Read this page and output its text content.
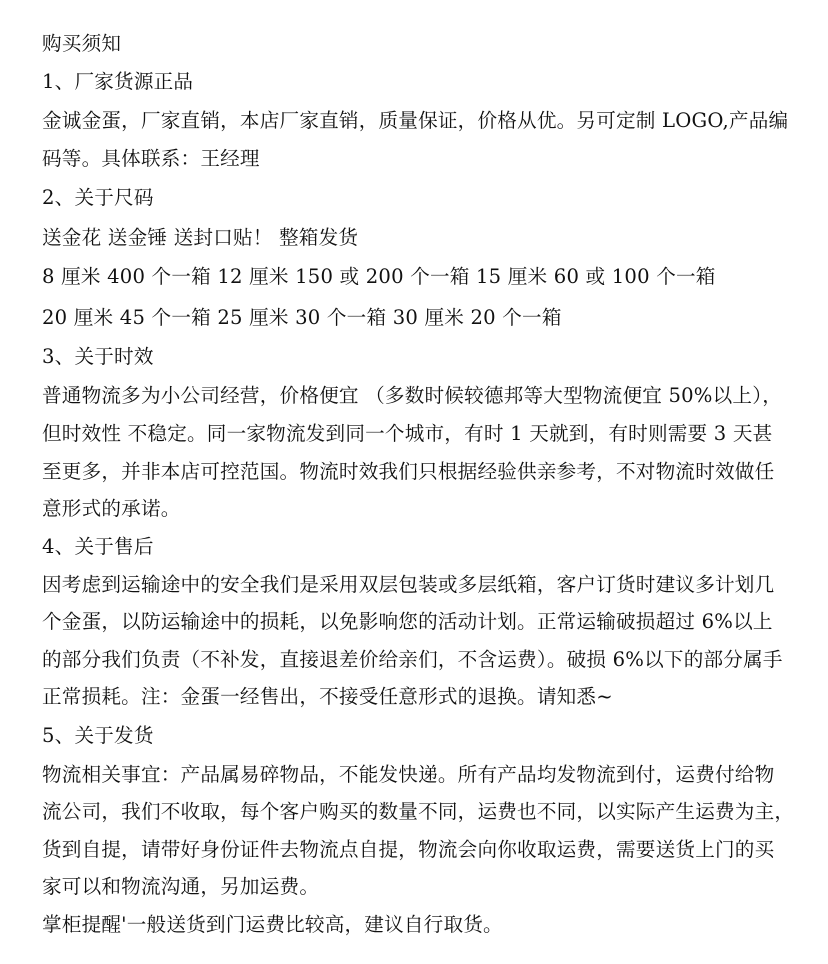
购买须知

1、厂家货源正品

金诚金蛋，厂家直销，本店厂家直销，质量保证，价格从优。另可定制 LOGO,产品编

码等。具体联系：王经理

2、关于尺码

送金花 送金锤 送封口贴！ 整箱发货

8 厘米 400 个一箱 12 厘米 150 或 200 个一箱 15 厘米 60 或 100 个一箱

20 厘米 45 个一箱 25 厘米 30 个一箱 30 厘米 20 个一箱

3、关于时效

普通物流多为小公司经营，价格便宜 （多数时候较德邦等大型物流便宜 50%以上），

但时效性 不稳定。同一家物流发到同一个城市，有时 1 天就到，有时则需要 3 天甚

至更多，并非本店可控范国。物流时效我们只根据经验供亲参考，不对物流时效做任

意形式的承诺。

4、关于售后

因考虑到运输途中的安全我们是采用双层包装或多层纸箱，客户订货时建议多计划几

个金蛋，以防运输途中的损耗，以免影响您的活动计划。正常运输破损超过 6%以上

的部分我们负责（不补发，直接退差价给亲们，不含运费）。破损 6%以下的部分属手

正常损耗。注：金蛋一经售出，不接受任意形式的退换。请知悉~

5、关于发货

物流相关事宜：产品属易碎物品，不能发快递。所有产品均发物流到付，运费付给物

流公司，我们不收取，每个客户购买的数量不同，运费也不同，以实际产生运费为主，

货到自提，请带好身份证件去物流点自提，物流会向你收取运费，需要送货上门的买

家可以和物流沟通，另加运费。

掌柜提醒'一般送货到门运费比较高，建议自行取货。
